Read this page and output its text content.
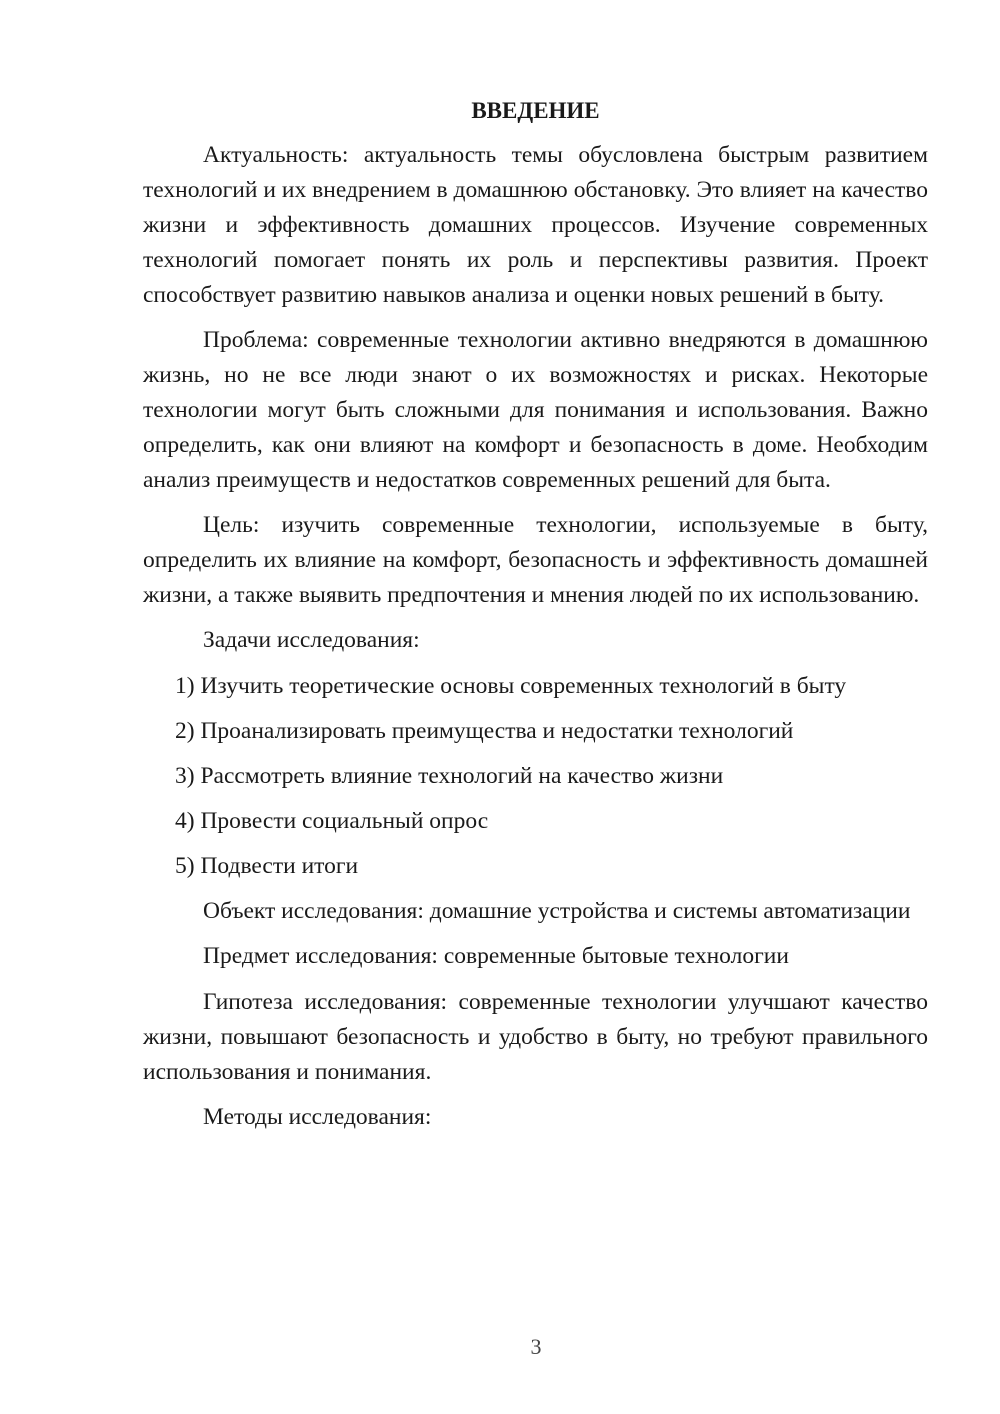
ВВЕДЕНИЕ

Актуальность: актуальность темы обусловлена быстрым развитием технологий и их внедрением в домашнюю обстановку. Это влияет на качество жизни и эффективность домашних процессов. Изучение современных технологий помогает понять их роль и перспективы развития. Проект способствует развитию навыков анализа и оценки новых решений в быту.

Проблема: современные технологии активно внедряются в домашнюю жизнь, но не все люди знают о их возможностях и рисках. Некоторые технологии могут быть сложными для понимания и использования. Важно определить, как они влияют на комфорт и безопасность в доме. Необходим анализ преимуществ и недостатков современных решений для быта.

Цель: изучить современные технологии, используемые в быту, определить их влияние на комфорт, безопасность и эффективность домашней жизни, а также выявить предпочтения и мнения людей по их использованию.

Задачи исследования:

1) Изучить теоретические основы современных технологий в быту
2) Проанализировать преимущества и недостатки технологий
3) Рассмотреть влияние технологий на качество жизни
4) Провести социальный опрос
5) Подвести итоги

Объект исследования: домашние устройства и системы автоматизации

Предмет исследования: современные бытовые технологии

Гипотеза исследования: современные технологии улучшают качество жизни, повышают безопасность и удобство в быту, но требуют правильного использования и понимания.

Методы исследования:

3
